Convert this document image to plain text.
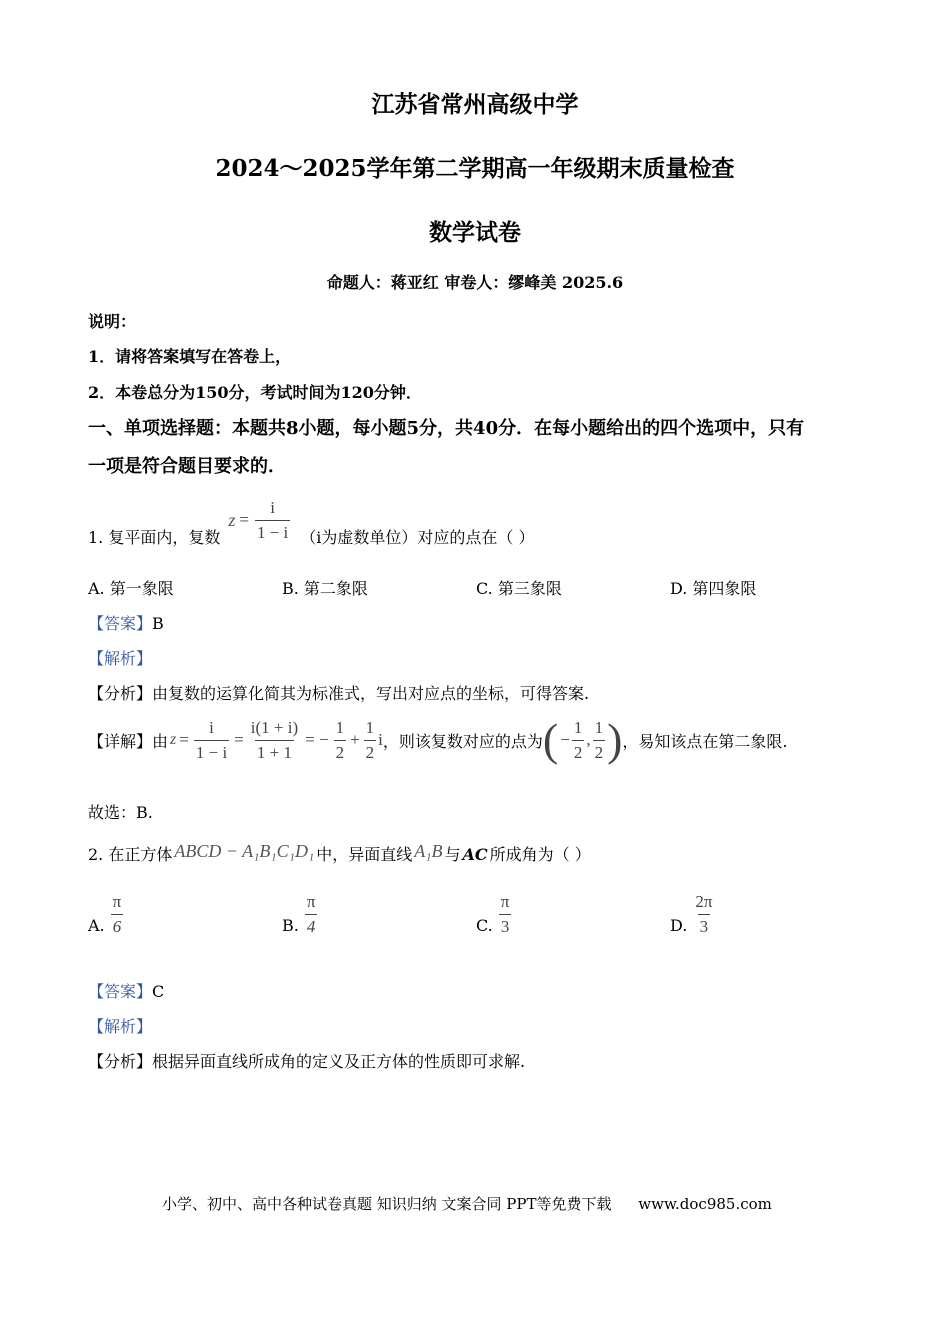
江苏省常州高级中学
2024～2025学年第二学期高一年级期末质量检查
数学试卷
命题人：蒋亚红 审卷人：缪峰美 2025.6
说明：
1．请将答案填写在答卷上，
2．本卷总分为150分，考试时间为120分钟．
一、单项选择题：本题共8小题，每小题5分，共40分．在每小题给出的四个选项中，只有
一项是符合题目要求的．
1. 复平面内，复数
$z = \frac{i}{1 - i} (i$为虚数单位）对应的点在（ ）
A. 第一象限	B. 第二象限	C. 第三象限	D. 第四象限
【答案】B
【解析】
【分析】由复数的运算化简其为标准式，写出对应点的坐标，可得答案.
【详解】 由 $z = \frac{i}{1 - i} = \frac{i(1 + i)}{1 + 1}$ = − $\frac{1}{2} + \frac{1}{2}$ i ，则该复数对应的点为 ( − $\frac{1}{2}$ , $\frac{1}{2}$ ) ，易知该点在第二象限.
故选：B.
2. 在正方体 ABCD − A₁B₁C₁D₁ 中，异面直线 A₁B 与 AC 所成角为（ ）
A. $\frac{\pi}{6}$	B. $\frac{\pi}{4}$	C. $\frac{\pi}{3}$	D. $\frac{2\pi}{3}$
【答案】C
【解析】
【分析】根据异面直线所成角的定义及正方体的性质即可求解.
小学、初中、高中各种试卷真题 知识归纳 文案合同 PPT等免费下载 www.doc985.com
